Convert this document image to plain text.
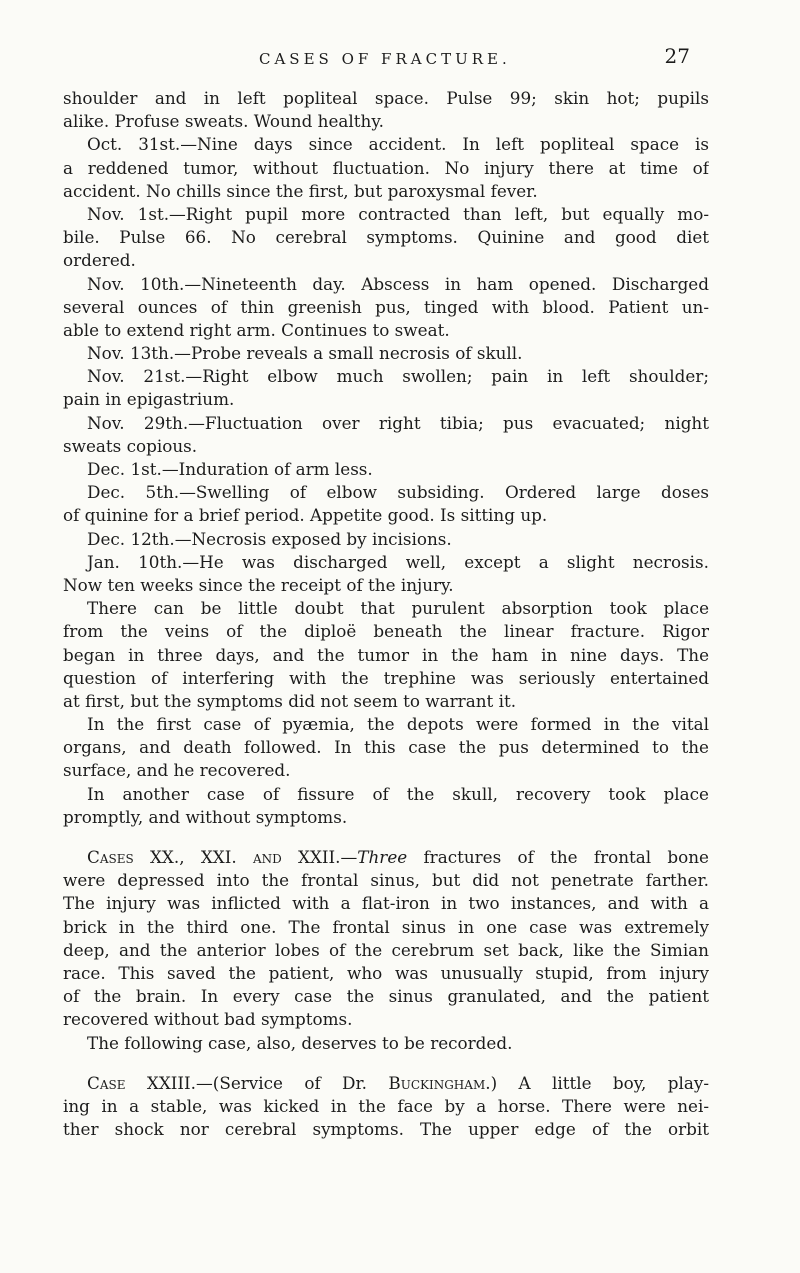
CASES OF FRACTURE.	27
shoulder and in left popliteal space. Pulse 99; skin hot; pupils
alike. Profuse sweats. Wound healthy.
Oct. 31st.—Nine days since accident. In left popliteal space is
a reddened tumor, without fluctuation. No injury there at time of
accident. No chills since the first, but paroxysmal fever.
Nov. 1st.—Right pupil more contracted than left, but equally mo-
bile. Pulse 66. No cerebral symptoms. Quinine and good diet
ordered.
Nov. 10th.—Nineteenth day. Abscess in ham opened. Discharged
several ounces of thin greenish pus, tinged with blood. Patient un-
able to extend right arm. Continues to sweat.
Nov. 13th.—Probe reveals a small necrosis of skull.
Nov. 21st.—Right elbow much swollen; pain in left shoulder;
pain in epigastrium.
Nov. 29th.—Fluctuation over right tibia; pus evacuated; night
sweats copious.
Dec. 1st.—Induration of arm less.
Dec. 5th.—Swelling of elbow subsiding. Ordered large doses
of quinine for a brief period. Appetite good. Is sitting up.
Dec. 12th.—Necrosis exposed by incisions.
Jan. 10th.—He was discharged well, except a slight necrosis.
Now ten weeks since the receipt of the injury.
There can be little doubt that purulent absorption took place
from the veins of the diploë beneath the linear fracture. Rigor
began in three days, and the tumor in the ham in nine days. The
question of interfering with the trephine was seriously entertained
at first, but the symptoms did not seem to warrant it.
In the first case of pyæmia, the depots were formed in the vital
organs, and death followed. In this case the pus determined to the
surface, and he recovered.
In another case of fissure of the skull, recovery took place
promptly, and without symptoms.
Cases XX., XXI. and XXII.—Three fractures of the frontal bone
were depressed into the frontal sinus, but did not penetrate farther.
The injury was inflicted with a flat-iron in two instances, and with a
brick in the third one. The frontal sinus in one case was extremely
deep, and the anterior lobes of the cerebrum set back, like the Simian
race. This saved the patient, who was unusually stupid, from injury
of the brain. In every case the sinus granulated, and the patient
recovered without bad symptoms.
The following case, also, deserves to be recorded.
Case XXIII.—(Service of Dr. Buckingham.) A little boy, play-
ing in a stable, was kicked in the face by a horse. There were nei-
ther shock nor cerebral symptoms. The upper edge of the orbit
